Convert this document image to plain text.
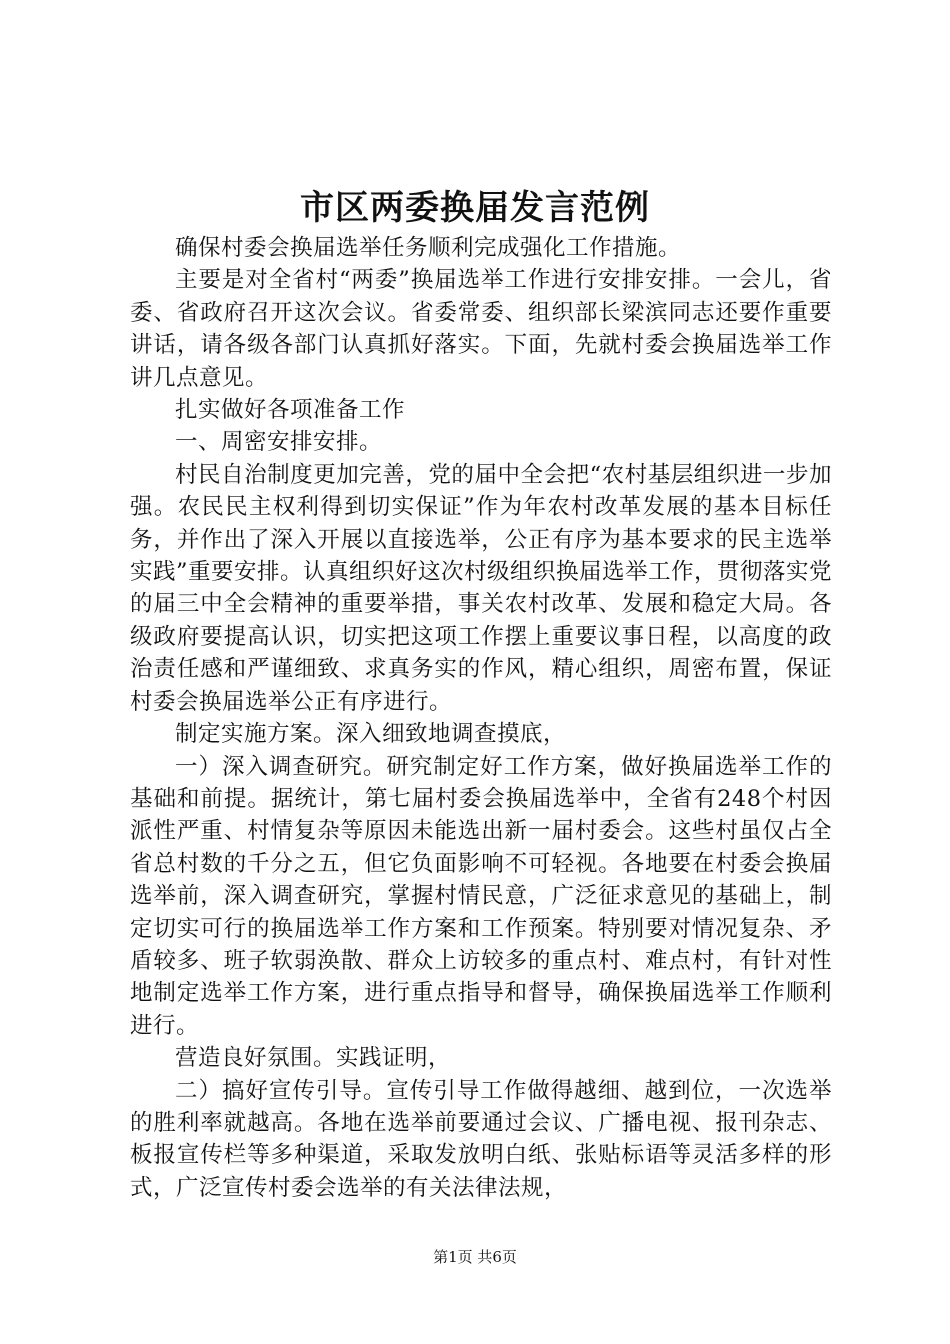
市区两委换届发言范例

确保村委会换届选举任务顺利完成强化工作措施。

主要是对全省村“两委”换届选举工作进行安排安排。一会儿，省委、省政府召开这次会议。省委常委、组织部长梁滨同志还要作重要讲话，请各级各部门认真抓好落实。下面，先就村委会换届选举工作讲几点意见。

扎实做好各项准备工作

一、周密安排安排。

村民自治制度更加完善，党的届中全会把“农村基层组织进一步加强。农民民主权利得到切实保证”作为年农村改革发展的基本目标任务，并作出了深入开展以直接选举，公正有序为基本要求的民主选举实践”重要安排。认真组织好这次村级组织换届选举工作，贯彻落实党的届三中全会精神的重要举措，事关农村改革、发展和稳定大局。各级政府要提高认识，切实把这项工作摆上重要议事日程，以高度的政治责任感和严谨细致、求真务实的作风，精心组织，周密布置，保证村委会换届选举公正有序进行。

制定实施方案。深入细致地调查摸底，

一）深入调查研究。研究制定好工作方案，做好换届选举工作的基础和前提。据统计，第七届村委会换届选举中，全省有248个村因派性严重、村情复杂等原因未能选出新一届村委会。这些村虽仅占全省总村数的千分之五，但它负面影响不可轻视。各地要在村委会换届选举前，深入调查研究，掌握村情民意，广泛征求意见的基础上，制定切实可行的换届选举工作方案和工作预案。特别要对情况复杂、矛盾较多、班子软弱涣散、群众上访较多的重点村、难点村，有针对性地制定选举工作方案，进行重点指导和督导，确保换届选举工作顺利进行。

营造良好氛围。实践证明，

二）搞好宣传引导。宣传引导工作做得越细、越到位，一次选举的胜利率就越高。各地在选举前要通过会议、广播电视、报刊杂志、板报宣传栏等多种渠道，采取发放明白纸、张贴标语等灵活多样的形式，广泛宣传村委会选举的有关法律法规，

第1页 共6页
